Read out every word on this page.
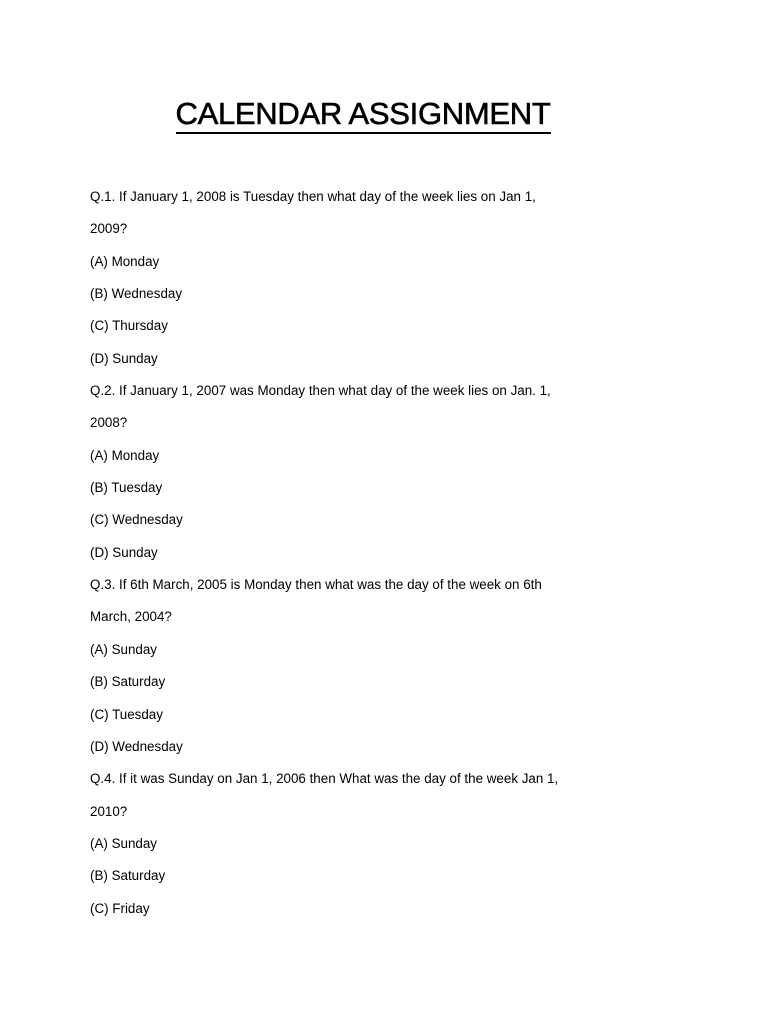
CALENDAR ASSIGNMENT
Q.1. If January 1, 2008 is Tuesday then what day of the week lies on Jan 1,
2009?
(A) Monday
(B) Wednesday
(C) Thursday
(D) Sunday
Q.2. If January 1, 2007 was Monday then what day of the week lies on Jan. 1,
2008?
(A) Monday
(B) Tuesday
(C) Wednesday
(D) Sunday
Q.3. If 6th March, 2005 is Monday then what was the day of the week on 6th
March, 2004?
(A) Sunday
(B) Saturday
(C) Tuesday
(D) Wednesday
Q.4. If it was Sunday on Jan 1, 2006 then What was the day of the week Jan 1,
2010?
(A) Sunday
(B) Saturday
(C) Friday
